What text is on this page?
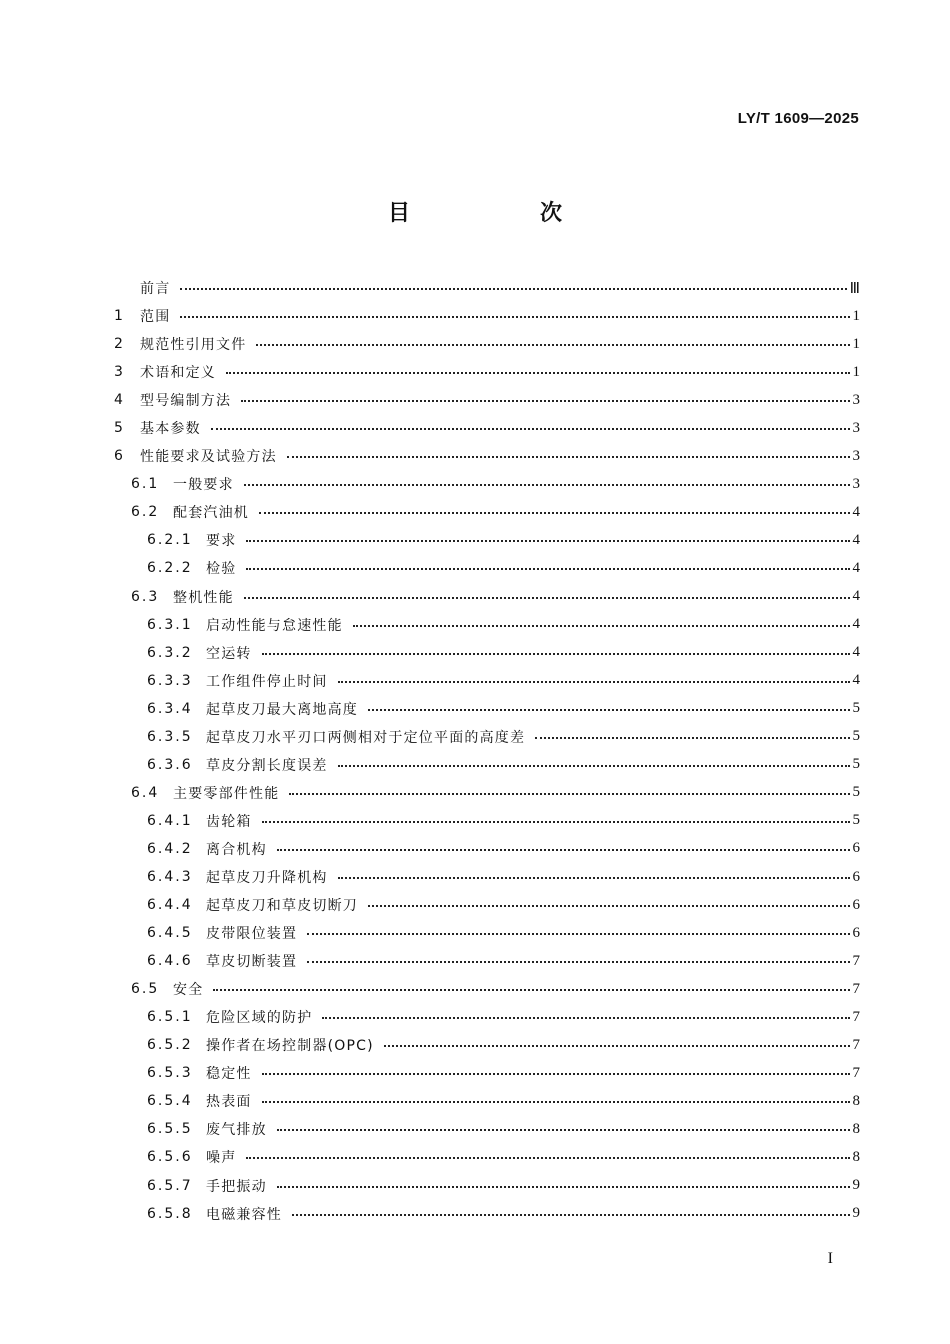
LY/T 1609—2025
目　次
前言	Ⅲ
1	范围	1
2	规范性引用文件	1
3	术语和定义	1
4	型号编制方法	3
5	基本参数	3
6	性能要求及试验方法	3
6.1 一般要求	3
6.2 配套汽油机	4
6.2.1 要求	4
6.2.2 检验	4
6.3 整机性能	4
6.3.1 启动性能与怠速性能	4
6.3.2 空运转	4
6.3.3 工作组件停止时间	4
6.3.4 起草皮刀最大离地高度	5
6.3.5 起草皮刀水平刃口两侧相对于定位平面的高度差	5
6.3.6 草皮分割长度误差	5
6.4 主要零部件性能	5
6.4.1 齿轮箱	5
6.4.2 离合机构	6
6.4.3 起草皮刀升降机构	6
6.4.4 起草皮刀和草皮切断刀	6
6.4.5 皮带限位装置	6
6.4.6 草皮切断装置	7
6.5 安全	7
6.5.1 危险区域的防护	7
6.5.2 操作者在场控制器(OPC)	7
6.5.3 稳定性	7
6.5.4 热表面	8
6.5.5 废气排放	8
6.5.6 噪声	8
6.5.7 手把振动	9
6.5.8 电磁兼容性	9
I
